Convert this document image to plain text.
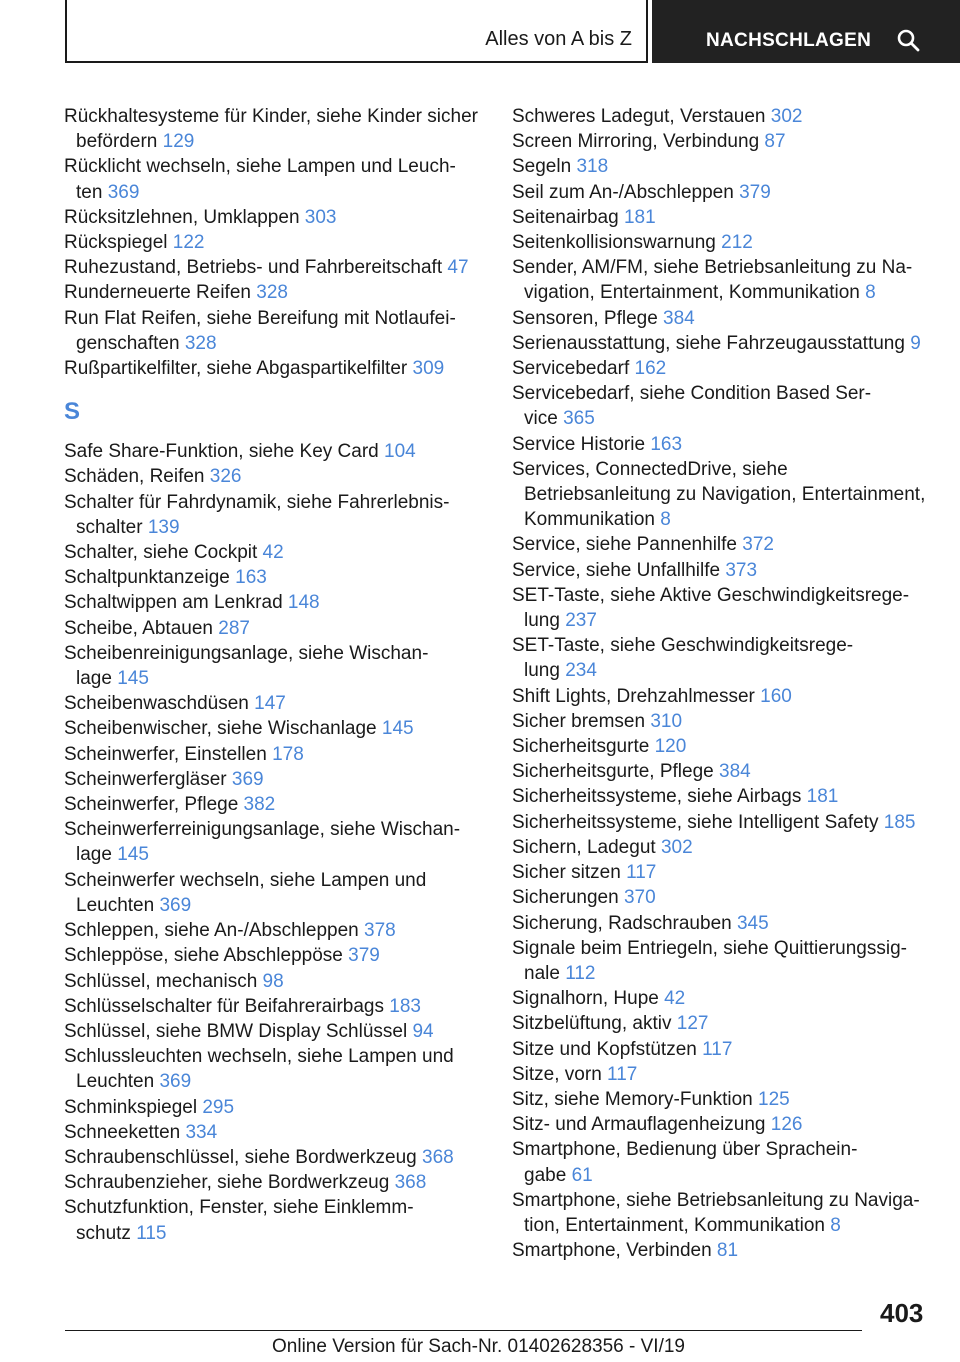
Alles von A bis Z	NACHSCHLAGEN
Rückhaltesysteme für Kinder, siehe Kinder sicher
befördern 129
Rücklicht wechseln, siehe Lampen und Leuch-
ten 369
Rücksitzlehnen, Umklappen 303
Rückspiegel 122
Ruhezustand, Betriebs- und Fahrbereitschaft 47
Runderneuerte Reifen 328
Run Flat Reifen, siehe Bereifung mit Notlaufei-
genschaften 328
Rußpartikelfilter, siehe Abgaspartikelfilter 309
S
Safe Share-Funktion, siehe Key Card 104
Schäden, Reifen 326
Schalter für Fahrdynamik, siehe Fahrerlebnis-
schalter 139
Schalter, siehe Cockpit 42
Schaltpunktanzeige 163
Schaltwippen am Lenkrad 148
Scheibe, Abtauen 287
Scheibenreinigungsanlage, siehe Wischan-
lage 145
Scheibenwaschdüsen 147
Scheibenwischer, siehe Wischanlage 145
Scheinwerfer, Einstellen 178
Scheinwerfergläser 369
Scheinwerfer, Pflege 382
Scheinwerferreinigungsanlage, siehe Wischan-
lage 145
Scheinwerfer wechseln, siehe Lampen und
Leuchten 369
Schleppen, siehe An-/Abschleppen 378
Schleppöse, siehe Abschleppöse 379
Schlüssel, mechanisch 98
Schlüsselschalter für Beifahrerairbags 183
Schlüssel, siehe BMW Display Schlüssel 94
Schlussleuchten wechseln, siehe Lampen und
Leuchten 369
Schminkspiegel 295
Schneeketten 334
Schraubenschlüssel, siehe Bordwerkzeug 368
Schraubenzieher, siehe Bordwerkzeug 368
Schutzfunktion, Fenster, siehe Einklemm-
schutz 115
Schweres Ladegut, Verstauen 302
Screen Mirroring, Verbindung 87
Segeln 318
Seil zum An-/Abschleppen 379
Seitenairbag 181
Seitenkollisionswarnung 212
Sender, AM/FM, siehe Betriebsanleitung zu Na-
vigation, Entertainment, Kommunikation 8
Sensoren, Pflege 384
Serienausstattung, siehe Fahrzeugausstattung 9
Servicebedarf 162
Servicebedarf, siehe Condition Based Ser-
vice 365
Service Historie 163
Services, ConnectedDrive, siehe
Betriebsanleitung zu Navigation, Entertainment,
Kommunikation 8
Service, siehe Pannenhilfe 372
Service, siehe Unfallhilfe 373
SET-Taste, siehe Aktive Geschwindigkeitsrege-
lung 237
SET-Taste, siehe Geschwindigkeitsrege-
lung 234
Shift Lights, Drehzahlmesser 160
Sicher bremsen 310
Sicherheitsgurte 120
Sicherheitsgurte, Pflege 384
Sicherheitssysteme, siehe Airbags 181
Sicherheitssysteme, siehe Intelligent Safety 185
Sichern, Ladegut 302
Sicher sitzen 117
Sicherungen 370
Sicherung, Radschrauben 345
Signale beim Entriegeln, siehe Quittierungssig-
nale 112
Signalhorn, Hupe 42
Sitzbelüftung, aktiv 127
Sitze und Kopfstützen 117
Sitze, vorn 117
Sitz, siehe Memory-Funktion 125
Sitz- und Armauflagenheizung 126
Smartphone, Bedienung über Sprachein-
gabe 61
Smartphone, siehe Betriebsanleitung zu Naviga-
tion, Entertainment, Kommunikation 8
Smartphone, Verbinden 81
403
Online Version für Sach-Nr. 01402628356 - VI/19
